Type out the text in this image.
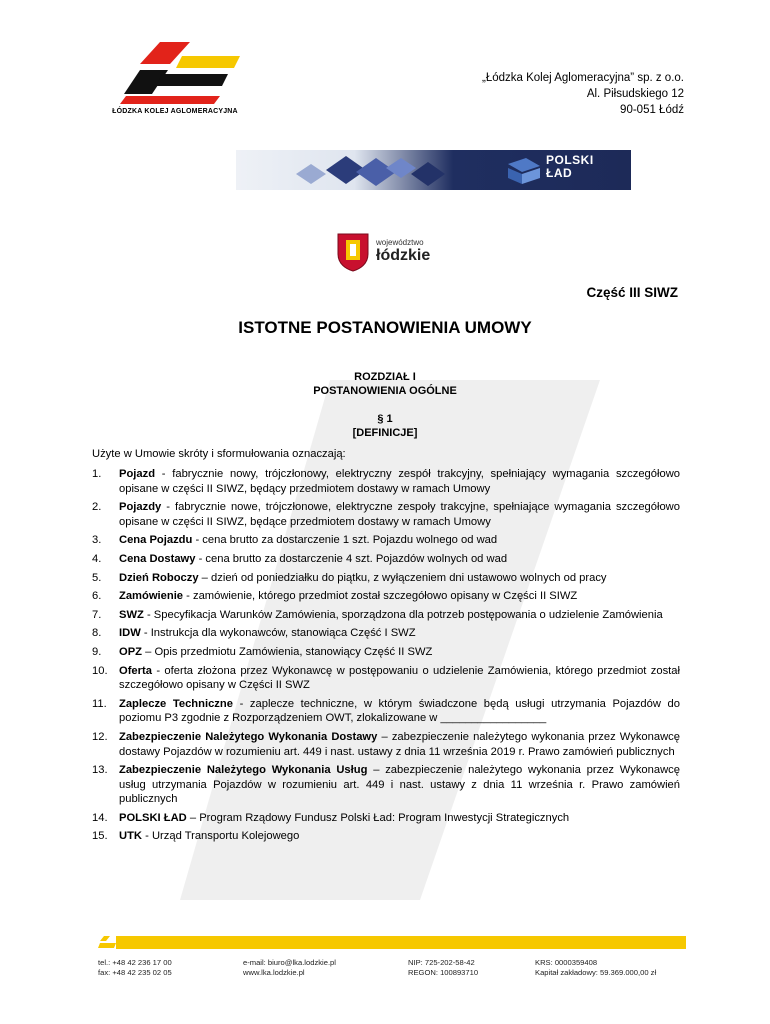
ŁÓDZKA KOLEJ AGLOMERACYJNA
„Łódzka Kolej Aglomeracyjna” sp. z o.o.
Al. Piłsudskiego 12
90-051 Łódź
POLSKI
ŁAD
województwo
łódzkie
Część III SIWZ
ISTOTNE POSTANOWIENIA UMOWY
ROZDZIAŁ I
POSTANOWIENIA OGÓLNE
§ 1
[DEFINICJE]
Użyte w Umowie skróty i sformułowania oznaczają:
1. Pojazd - fabrycznie nowy, trójczłonowy, elektryczny zespół trakcyjny, spełniający wymagania szczegółowo opisane w części II SIWZ, będący przedmiotem dostawy w ramach Umowy
2. Pojazdy - fabrycznie nowe, trójczłonowe, elektryczne zespoły trakcyjne, spełniające wymagania szczegółowo opisane w części II SIWZ, będące przedmiotem dostawy w ramach Umowy
3. Cena Pojazdu - cena brutto za dostarczenie 1 szt. Pojazdu wolnego od wad
4. Cena Dostawy - cena brutto za dostarczenie 4 szt. Pojazdów wolnych od wad
5. Dzień Roboczy – dzień od poniedziałku do piątku, z wyłączeniem dni ustawowo wolnych od pracy
6. Zamówienie - zamówienie, którego przedmiot został szczegółowo opisany w Części II SIWZ
7. SWZ - Specyfikacja Warunków Zamówienia, sporządzona dla potrzeb postępowania o udzielenie Zamówienia
8. IDW - Instrukcja dla wykonawców, stanowiąca Część I SWZ
9. OPZ – Opis przedmiotu Zamówienia, stanowiący Część II SWZ
10. Oferta - oferta złożona przez Wykonawcę w postępowaniu o udzielenie Zamówienia, którego przedmiot został szczegółowo opisany w Części II SWZ
11. Zaplecze Techniczne - zaplecze techniczne, w którym świadczone będą usługi utrzymania Pojazdów do poziomu P3 zgodnie z Rozporządzeniem OWT, zlokalizowane w _________________
12. Zabezpieczenie Należytego Wykonania Dostawy – zabezpieczenie należytego wykonania przez Wykonawcę dostawy Pojazdów w rozumieniu art. 449 i nast. ustawy z dnia 11 września 2019 r. Prawo zamówień publicznych
13. Zabezpieczenie Należytego Wykonania Usług – zabezpieczenie należytego wykonania przez Wykonawcę usług utrzymania Pojazdów w rozumieniu art. 449 i nast. ustawy z dnia 11 września r. Prawo zamówień publicznych
14. POLSKI ŁAD – Program Rządowy Fundusz Polski Ład: Program Inwestycji Strategicznych
15. UTK - Urząd Transportu Kolejowego
tel.: +48 42 236 17 00
fax: +48 42 235 02 05
e-mail: biuro@lka.lodzkie.pl
www.lka.lodzkie.pl
NIP: 725-202-58-42
REGON: 100893710
KRS: 0000359408
Kapitał zakładowy: 59.369.000,00 zł
